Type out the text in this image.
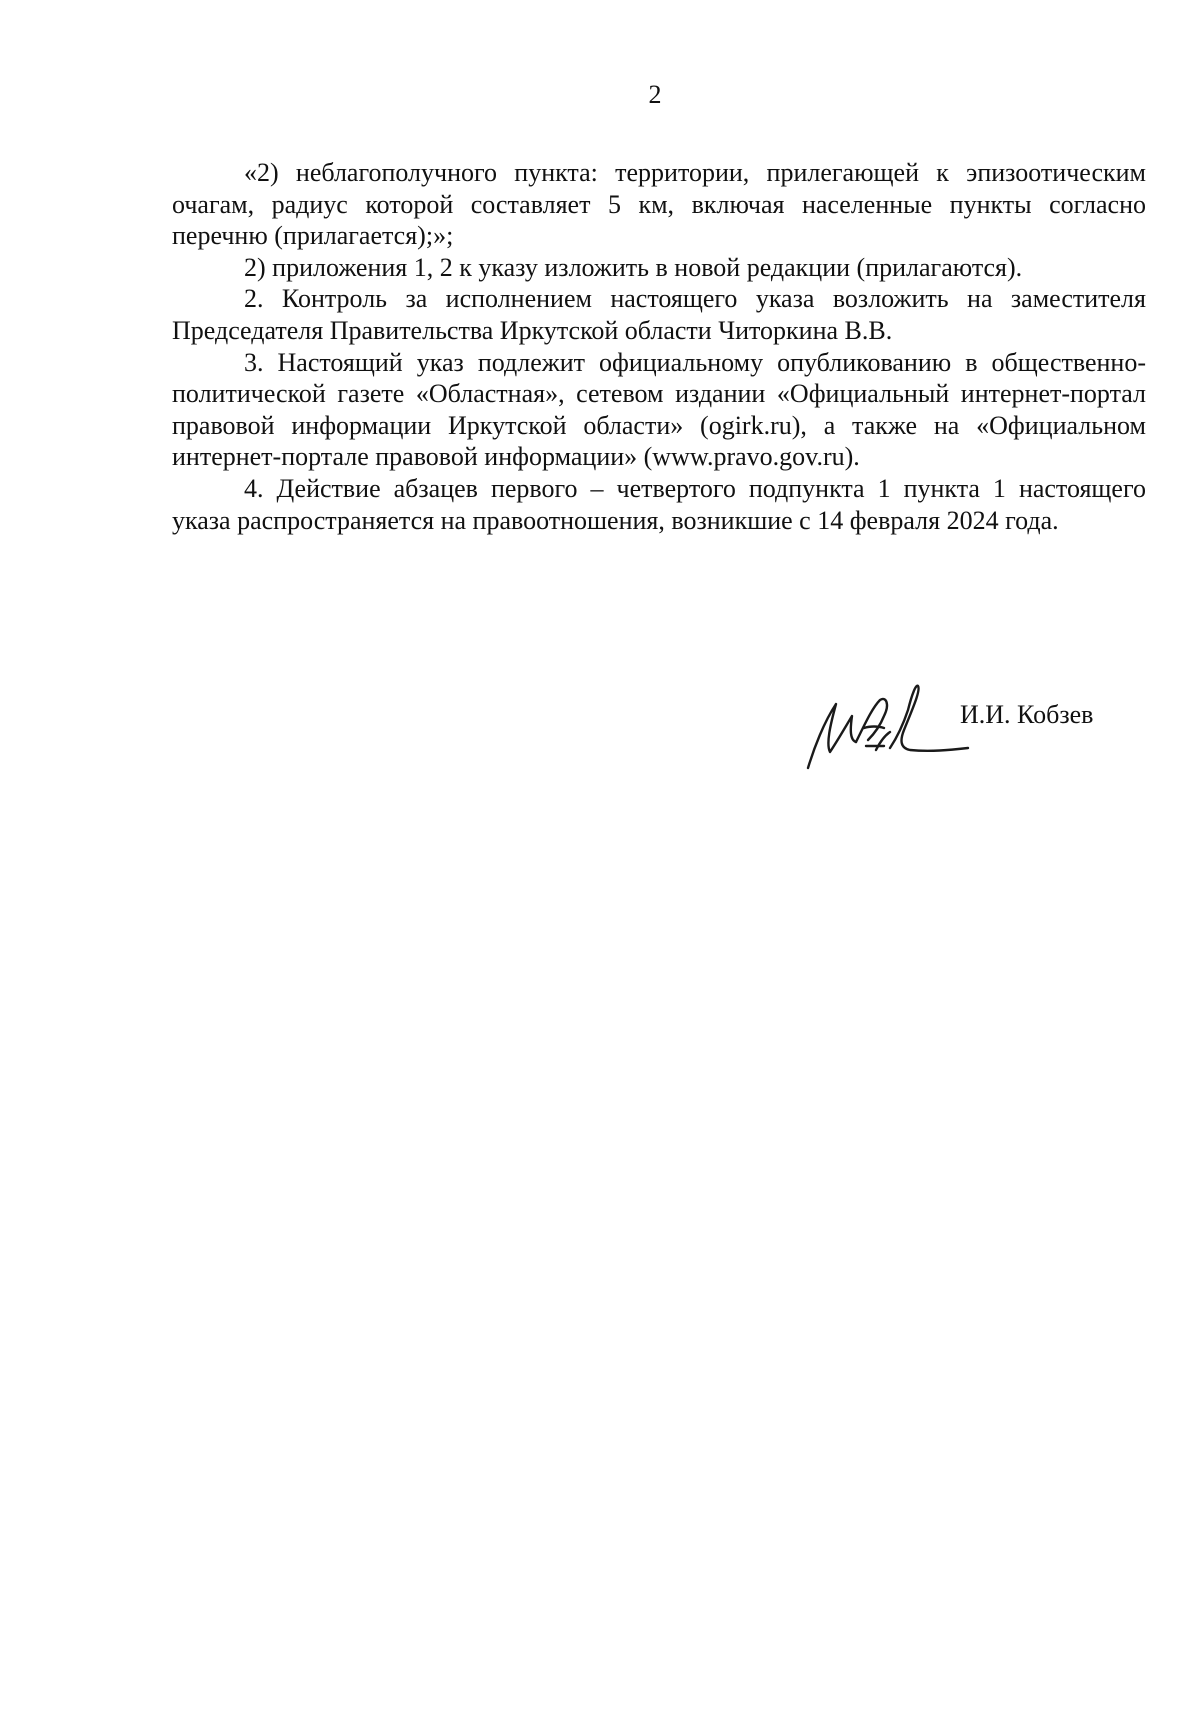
2

«2) неблагополучного пункта: территории, прилегающей к эпизоотическим очагам, радиус которой составляет 5 км, включая населенные пункты согласно перечню (прилагается);»;

2) приложения 1, 2 к указу изложить в новой редакции (прилагаются).

2. Контроль за исполнением настоящего указа возложить на заместителя Председателя Правительства Иркутской области Читоркина В.В.

3. Настоящий указ подлежит официальному опубликованию в общественно-политической газете «Областная», сетевом издании «Официальный интернет-портал правовой информации Иркутской области» (ogirk.ru), а также на «Официальном интернет-портале правовой информации» (www.pravo.gov.ru).

4. Действие абзацев первого – четвертого подпункта 1 пункта 1 настоящего указа распространяется на правоотношения, возникшие с 14 февраля 2024 года.

И.И. Кобзев
